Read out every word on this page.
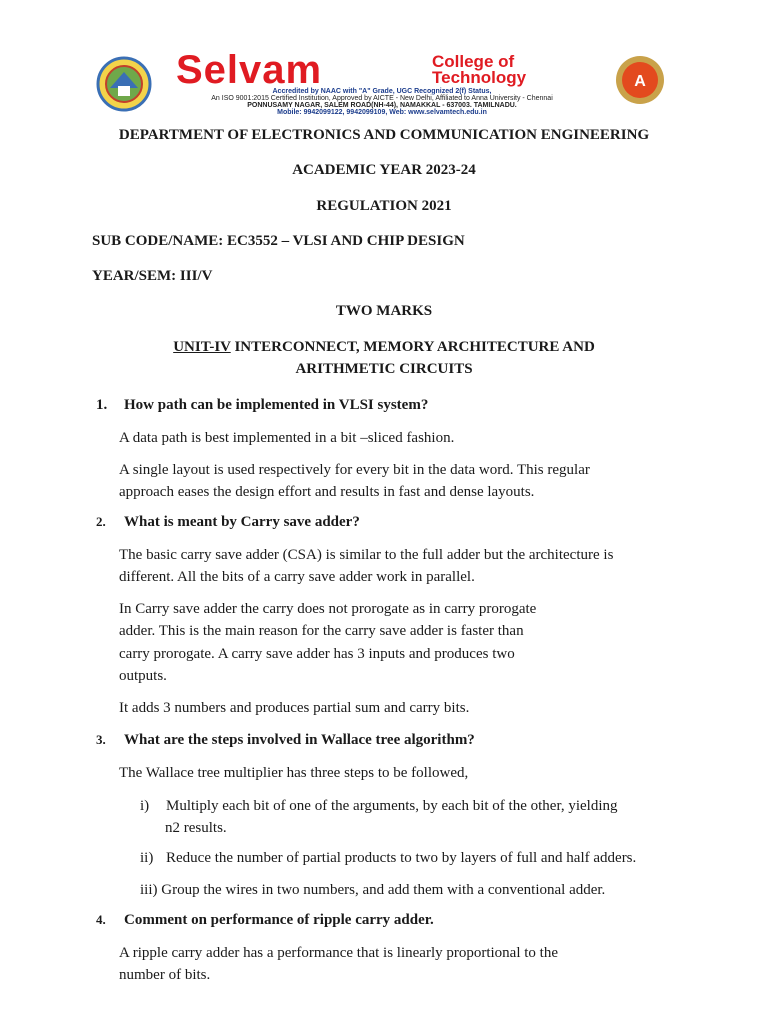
Selvam	College of
Technology
Accredited by NAAC with "A" Grade, UGC Recognized 2(f) Status,
An ISO 9001:2015 Certified Institution, Approved by AICTE - New Delhi, Affiliated to Anna University - Chennai
PONNUSAMY NAGAR, SALEM ROAD(NH-44), NAMAKKAL - 637003. TAMILNADU.
Mobile: 9942099122, 9942099109, Web: www.selvamtech.edu.in
A
DEPARTMENT OF ELECTRONICS AND COMMUNICATION ENGINEERING
ACADEMIC YEAR 2023-24
REGULATION 2021
SUB CODE/NAME: EC3552 – VLSI AND CHIP DESIGN
YEAR/SEM: III/V
TWO MARKS
UNIT-IV INTERCONNECT, MEMORY ARCHITECTURE AND
ARITHMETIC CIRCUITS
1. How path can be implemented in VLSI system?
A data path is best implemented in a bit –sliced fashion.
A single layout is used respectively for every bit in the data word. This regular
approach eases the design effort and results in fast and dense layouts.
2. What is meant by Carry save adder?
The basic carry save adder (CSA) is similar to the full adder but the architecture is
different. All the bits of a carry save adder work in parallel.
In Carry save adder the carry does not prorogate as in carry prorogate
adder. This is the main reason for the carry save adder is faster than
carry prorogate. A carry save adder has 3 inputs and produces two
outputs.
It adds 3 numbers and produces partial sum and carry bits.
3. What are the steps involved in Wallace tree algorithm?
The Wallace tree multiplier has three steps to be followed,
i) Multiply each bit of one of the arguments, by each bit of the other, yielding
n2 results.
ii) Reduce the number of partial products to two by layers of full and half adders.
iii) Group the wires in two numbers, and add them with a conventional adder.
4. Comment on performance of ripple carry adder.
A ripple carry adder has a performance that is linearly proportional to the
number of bits.
